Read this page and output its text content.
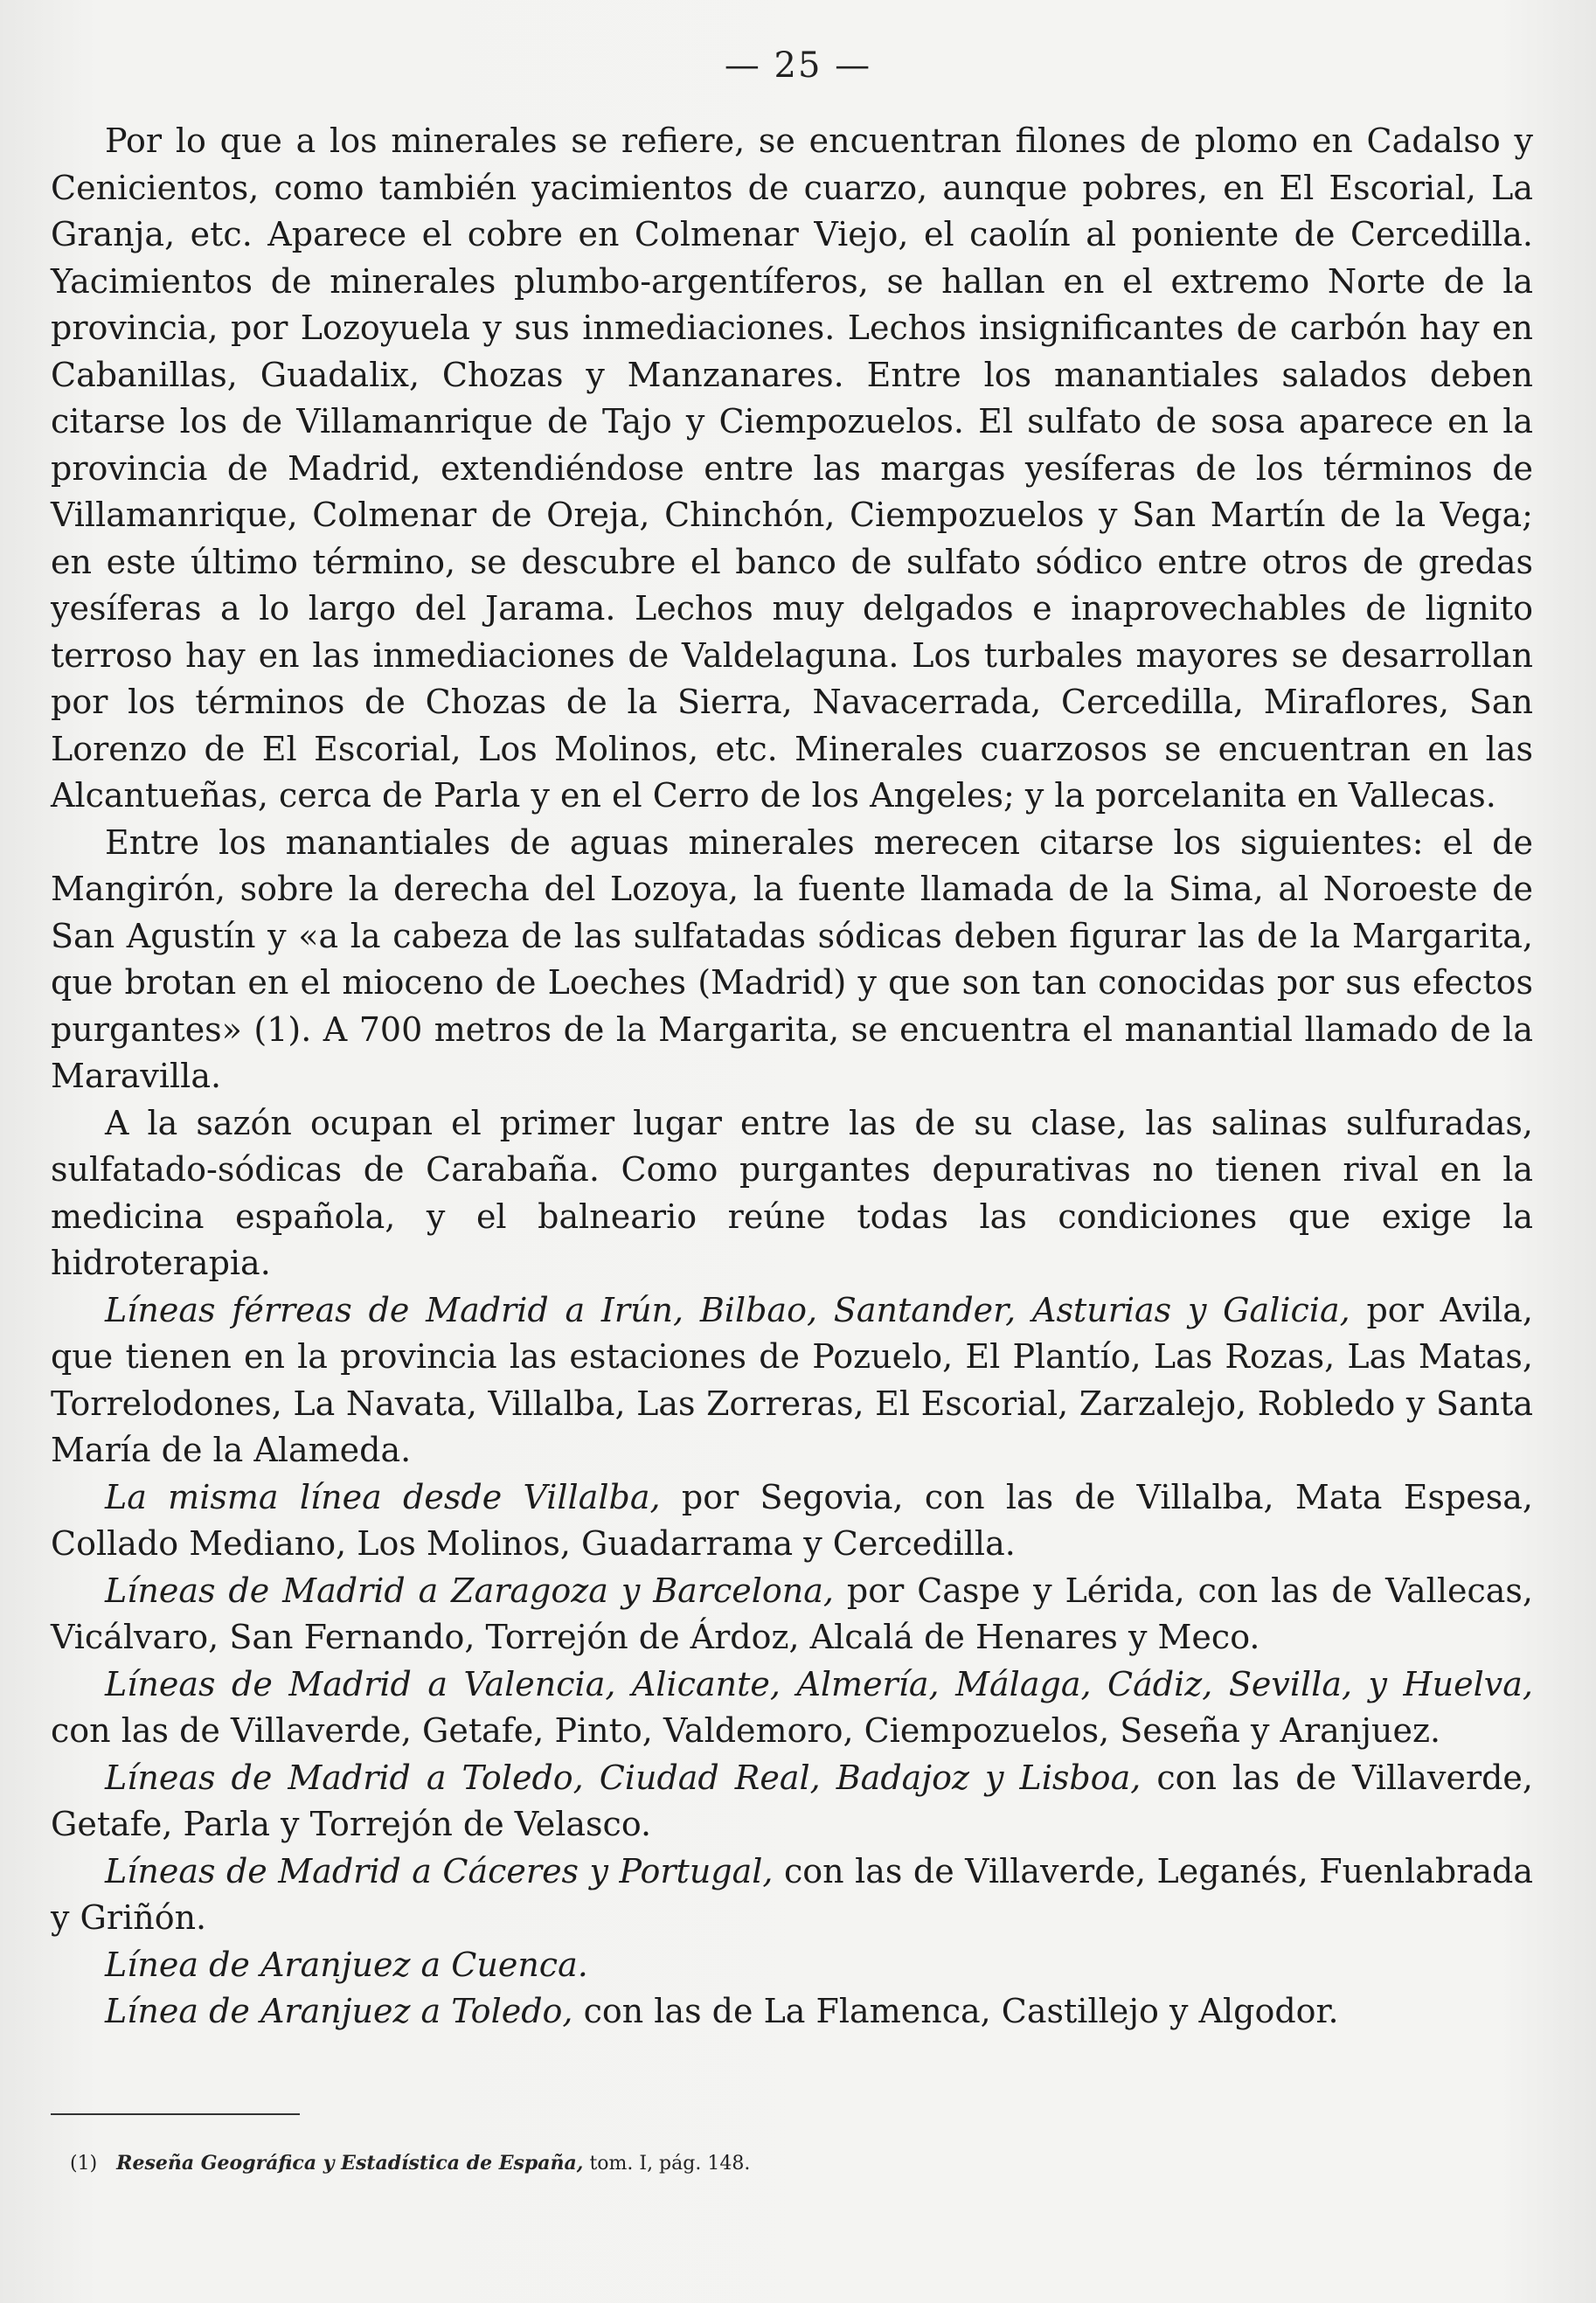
— 25 —

Por lo que a los minerales se refiere, se encuentran filones de plomo en Cadalso y Cenicientos, como también yacimientos de cuarzo, aunque pobres, en El Escorial, La Granja, etc. Aparece el cobre en Colmenar Viejo, el caolín al poniente de Cercedilla. Yacimientos de minerales plumbo-argentíferos, se hallan en el extremo Norte de la provincia, por Lozoyuela y sus inmediaciones. Lechos insignificantes de carbón hay en Cabanillas, Guadalix, Chozas y Manzanares. Entre los manantiales salados deben citarse los de Villamanrique de Tajo y Ciempozuelos. El sulfato de sosa aparece en la provincia de Madrid, extendiéndose entre las margas yesíferas de los términos de Villamanrique, Colmenar de Oreja, Chinchón, Ciempozuelos y San Martín de la Vega; en este último término, se descubre el banco de sulfato sódico entre otros de gredas yesíferas a lo largo del Jarama. Lechos muy delgados e inaprovechables de lignito terroso hay en las inmediaciones de Valdelaguna. Los turbales mayores se desarrollan por los términos de Chozas de la Sierra, Navacerrada, Cercedilla, Miraflores, San Lorenzo de El Escorial, Los Molinos, etc. Minerales cuarzosos se encuentran en las Alcantueñas, cerca de Parla y en el Cerro de los Angeles; y la porcelanita en Vallecas.

Entre los manantiales de aguas minerales merecen citarse los siguientes: el de Mangirón, sobre la derecha del Lozoya, la fuente llamada de la Sima, al Noroeste de San Agustín y «a la cabeza de las sulfatadas sódicas deben figurar las de la Margarita, que brotan en el mioceno de Loeches (Madrid) y que son tan conocidas por sus efectos purgantes» (1). A 700 metros de la Margarita, se encuentra el manantial llamado de la Maravilla.

A la sazón ocupan el primer lugar entre las de su clase, las salinas sulfuradas, sulfatado-sódicas de Carabaña. Como purgantes depurativas no tienen rival en la medicina española, y el balneario reúne todas las condiciones que exige la hidroterapia.

Líneas férreas de Madrid a Irún, Bilbao, Santander, Asturias y Galicia, por Avila, que tienen en la provincia las estaciones de Pozuelo, El Plantío, Las Rozas, Las Matas, Torrelodones, La Navata, Villalba, Las Zorreras, El Escorial, Zarzalejo, Robledo y Santa María de la Alameda.

La misma línea desde Villalba, por Segovia, con las de Villalba, Mata Espesa, Collado Mediano, Los Molinos, Guadarrama y Cercedilla.

Líneas de Madrid a Zaragoza y Barcelona, por Caspe y Lérida, con las de Vallecas, Vicálvaro, San Fernando, Torrejón de Árdoz, Alcalá de Henares y Meco.

Líneas de Madrid a Valencia, Alicante, Almería, Málaga, Cádiz, Sevilla, y Huelva, con las de Villaverde, Getafe, Pinto, Valdemoro, Ciempozuelos, Seseña y Aranjuez.

Líneas de Madrid a Toledo, Ciudad Real, Badajoz y Lisboa, con las de Villaverde, Getafe, Parla y Torrejón de Velasco.

Líneas de Madrid a Cáceres y Portugal, con las de Villaverde, Leganés, Fuenlabrada y Griñón.

Línea de Aranjuez a Cuenca.

Línea de Aranjuez a Toledo, con las de La Flamenca, Castillejo y Algodor.

(1) Reseña Geográfica y Estadística de España, tom. I, pág. 148.
